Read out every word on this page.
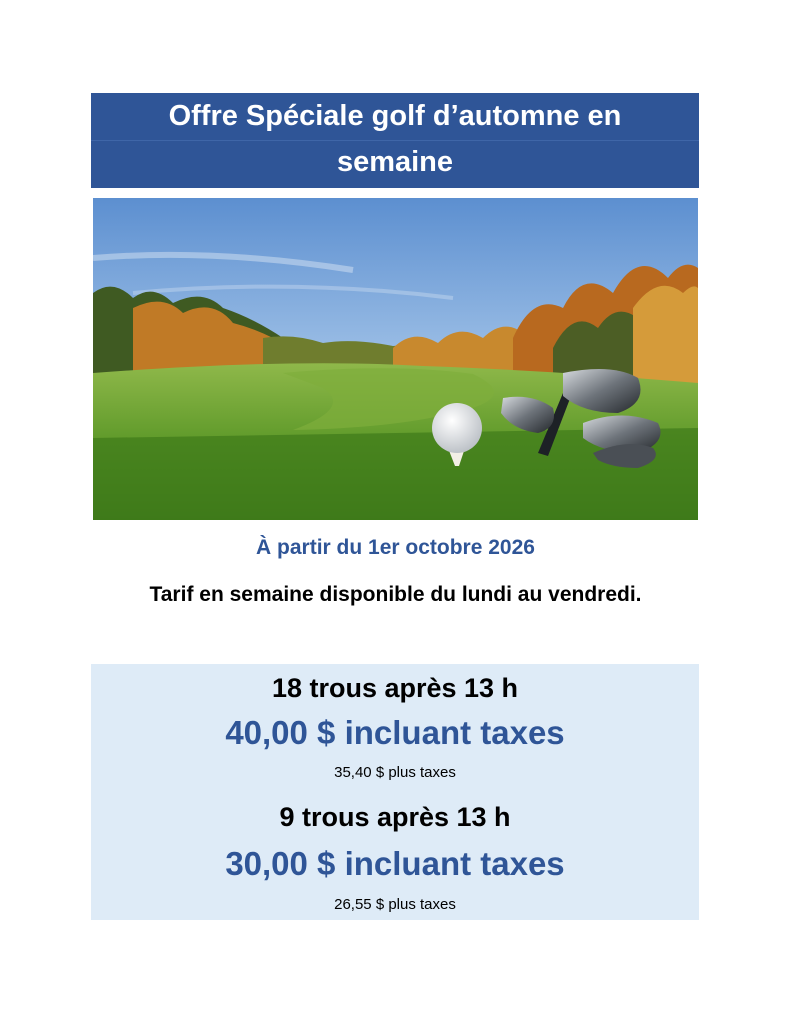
Offre Spéciale golf d’automne en
semaine
À partir du 1er octobre 2026
Tarif en semaine disponible du lundi au vendredi.
18 trous après 13 h
40,00 $ incluant taxes
35,40 $ plus taxes
9 trous après 13 h
30,00 $ incluant taxes
26,55 $ plus taxes
